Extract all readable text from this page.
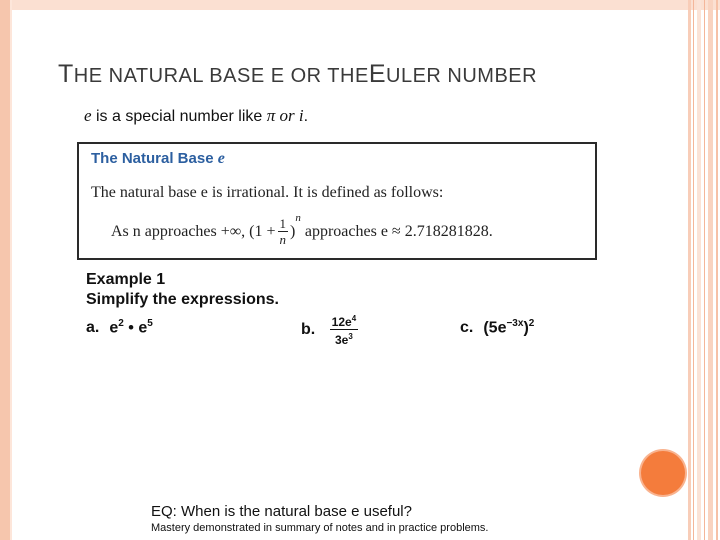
THE NATURAL BASE E OR THEEULER NUMBER
e is a special number like π or i.
The Natural Base e
The natural base e is irrational. It is defined as follows:
As n approaches +∞,
($1 + \frac{1}{n}$ )
n

approaches e ≈ 2.718281828.
Example 1
Simplify the expressions.
a. $e^2$ • $e^5$	b. $\frac{12e^4}{3e^3}$	c. $(5e^{-3x})^2$
EQ: When is the natural base e useful?
Mastery demonstrated in summary of notes and in practice problems.
